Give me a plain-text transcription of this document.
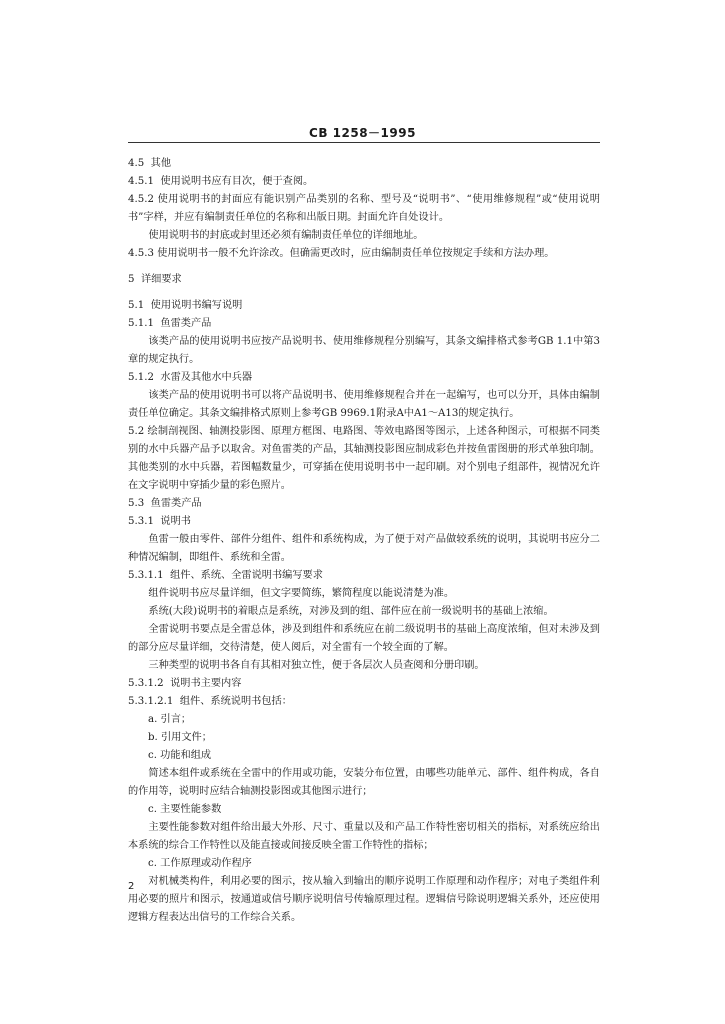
CB 1258－1995

4.5  其他

4.5.1  使用说明书应有目次，便于查阅。

4.5.2 使用说明书的封面应有能识别产品类别的名称、型号及“说明书”、“使用维修规程”或“使用说明书”字样，并应有编制责任单位的名称和出版日期。封面允许自处设计。

使用说明书的封底或封里还必须有编制责任单位的详细地址。

4.5.3 使用说明书一般不允许涂改。但确需更改时，应由编制责任单位按规定手续和方法办理。

5  详细要求

5.1  使用说明书编写说明

5.1.1  鱼雷类产品

该类产品的使用说明书应按产品说明书、使用维修规程分别编写，其条文编排格式参考GB 1.1中第3章的规定执行。

5.1.2  水雷及其他水中兵器

该类产品的使用说明书可以将产品说明书、使用维修规程合并在一起编写，也可以分开，具体由编制责任单位确定。其条文编排格式原则上参考GB 9969.1附录A中A1～A13的规定执行。

5.2 绘制剖视图、轴测投影图、原理方框图、电路图、等效电路图等图示，上述各种图示，可根据不同类别的水中兵器产品予以取舍。对鱼雷类的产品，其轴测投影图应制成彩色并按鱼雷图册的形式单独印制。其他类别的水中兵器，若图幅数量少，可穿插在使用说明书中一起印刷。对个别电子组部件，视情况允许在文字说明中穿插少量的彩色照片。

5.3  鱼雷类产品

5.3.1  说明书

鱼雷一般由零件、部件分组件、组件和系统构成，为了便于对产品做较系统的说明，其说明书应分二种情况编制，即组件、系统和全雷。

5.3.1.1  组件、系统、全雷说明书编写要求

组件说明书应尽量详细，但文字要简练，繁简程度以能说清楚为准。

系统(大段)说明书的着眼点是系统，对涉及到的组、部件应在前一级说明书的基础上浓缩。

全雷说明书要点是全雷总体，涉及到组件和系统应在前二级说明书的基础上高度浓缩，但对未涉及到的部分应尽量详细，交待清楚，使人阅后，对全雷有一个较全面的了解。

三种类型的说明书各自有其相对独立性，便于各层次人员查阅和分册印刷。

5.3.1.2  说明书主要内容

5.3.1.2.1  组件、系统说明书包括：

a. 引言；

b. 引用文件；

c. 功能和组成

简述本组件或系统在全雷中的作用或功能，安装分布位置，由哪些功能单元、部件、组件构成，各自的作用等，说明时应结合轴测投影图或其他图示进行；

c. 主要性能参数

主要性能参数对组件给出最大外形、尺寸、重量以及和产品工作特性密切相关的指标，对系统应给出本系统的综合工作特性以及能直接或间接反映全雷工作特性的指标；

c. 工作原理或动作程序

对机械类构件，利用必要的图示，按从输入到输出的顺序说明工作原理和动作程序；对电子类组件利用必要的照片和图示，按通道或信号顺序说明信号传输原理过程。逻辑信号除说明逻辑关系外，还应使用逻辑方程表达出信号的工作综合关系。

2
